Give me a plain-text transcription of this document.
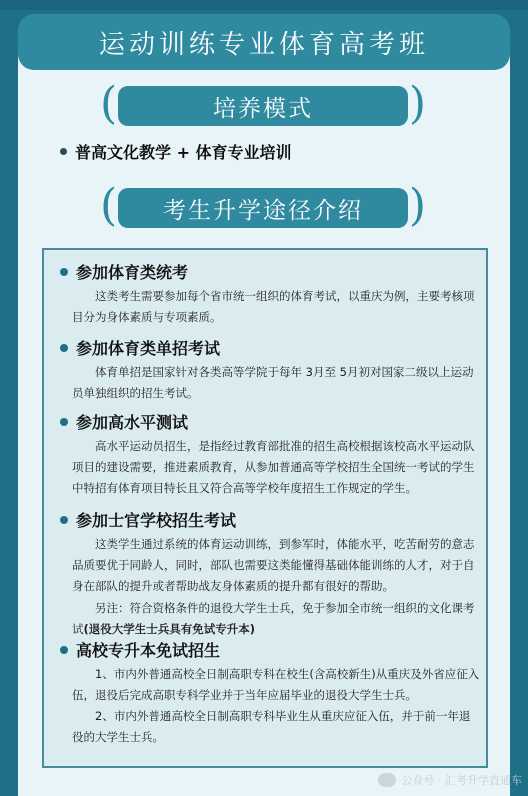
运动训练专业体育高考班
(	培养模式 )
普高文化教学 + 体育专业培训
( 考生升学途径介绍 )
参加体育类统考
这类考生需要参加每个省市统一组织的体育考试，以重庆为例，主要考核项目分为身体素质与专项素质。
参加体育类单招考试
体育单招是国家针对各类高等学院于每年 3月至 5月初对国家二级以上运动员单独组织的招生考试。
参加高水平测试
高水平运动员招生，是指经过教育部批准的招生高校根据该校高水平运动队项目的建设需要，推进素质教育，从参加普通高等学校招生全国统一考试的学生中特招有体育项目特长且又符合高等学校年度招生工作规定的学生。
参加士官学校招生考试
这类学生通过系统的体育运动训练，到参军时，体能水平，吃苦耐劳的意志品质要优于同龄人，同时，部队也需要这类能懂得基础体能训练的人才，对于自身在部队的提升或者帮助战友身体素质的提升都有很好的帮助。
另注：符合资格条件的退役大学生士兵，免于参加全市统一组织的文化课考试(退役大学生士兵具有免试专升本)
高校专升本免试招生
1、市内外普通高校全日制高职专科在校生(含高校新生)从重庆及外省应征入伍，退役后完成高职专科学业并于当年应届毕业的退役大学生士兵。
2、市内外普通高校全日制高职专科毕业生从重庆应征入伍，并于前一年退役的大学生士兵。
公众号 · 汇考升学直通车
